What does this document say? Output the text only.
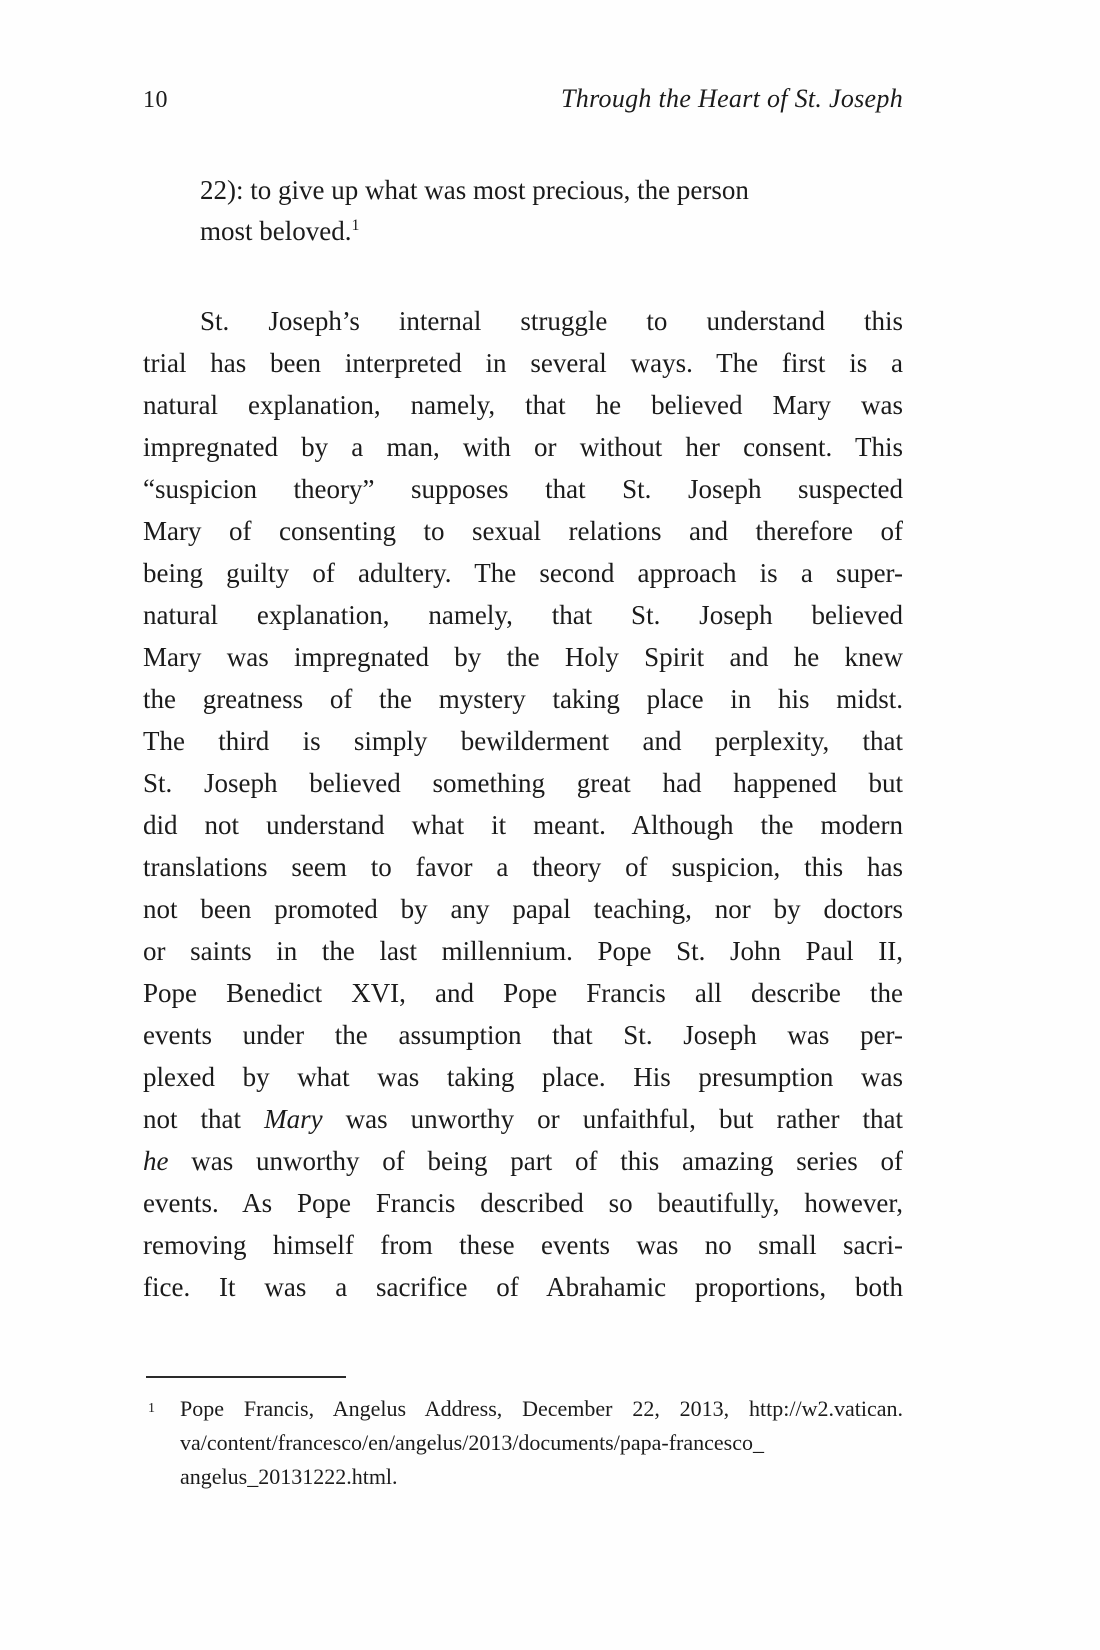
10	Through the Heart of St. Joseph
22): to give up what was most precious, the person
most beloved.$^1$
St. Joseph’s internal struggle to understand this
trial has been interpreted in several ways. The first is a
natural explanation, namely, that he believed Mary was
impregnated by a man, with or without her consent. This
“suspicion theory” supposes that St. Joseph suspected
Mary of consenting to sexual relations and therefore of
being guilty of adultery. The second approach is a super-
natural explanation, namely, that St. Joseph believed
Mary was impregnated by the Holy Spirit and he knew
the greatness of the mystery taking place in his midst.
The third is simply bewilderment and perplexity, that
St. Joseph believed something great had happened but
did not understand what it meant. Although the modern
translations seem to favor a theory of suspicion, this has
not been promoted by any papal teaching, nor by doctors
or saints in the last millennium. Pope St. John Paul II,
Pope Benedict XVI, and Pope Francis all describe the
events under the assumption that St. Joseph was per-
plexed by what was taking place. His presumption was
not that Mary was unworthy or unfaithful, but rather that
he was unworthy of being part of this amazing series of
events. As Pope Francis described so beautifully, however,
removing himself from these events was no small sacri-
fice. It was a sacrifice of Abrahamic proportions, both
1 Pope Francis, Angelus Address, December 22, 2013, http://w2.vatican.
va/content/francesco/en/angelus/2013/documents/papa-francesco_
angelus_20131222.html.
